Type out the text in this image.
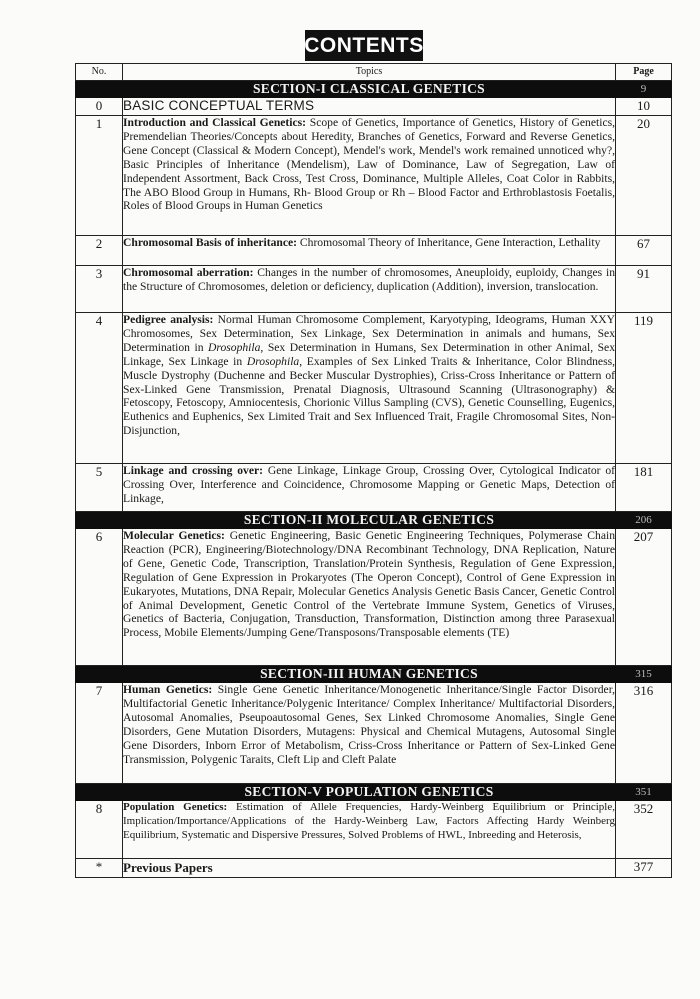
CONTENTS
No.	Topics	Page
	SECTION-I CLASSICAL GENETICS	9
0	BASIC CONCEPTUAL TERMS	10
1	Introduction and Classical Genetics: Scope of Genetics, Importance of Genetics, History of Genetics, Premendelian Theories/Concepts about Heredity, Branches of Genetics, Forward and Reverse Genetics, Gene Concept (Classical & Modern Concept), Mendel's work, Mendel's work remained unnoticed why?, Basic Principles of Inheritance (Mendelism), Law of Dominance, Law of Segregation, Law of Independent Assortment, Back Cross, Test Cross, Dominance, Multiple Alleles, Coat Color in Rabbits, The ABO Blood Group in Humans, Rh- Blood Group or Rh – Blood Factor and Erthroblastosis Foetalis, Roles of Blood Groups in Human Genetics	20
2	Chromosomal Basis of inheritance: Chromosomal Theory of Inheritance, Gene Interaction, Lethality	67
3	Chromosomal aberration: Changes in the number of chromosomes, Aneuploidy, euploidy, Changes in the Structure of Chromosomes, deletion or deficiency, duplication (Addition), inversion, translocation.	91
4	Pedigree analysis: Normal Human Chromosome Complement, Karyotyping, Ideograms, Human XXY Chromosomes, Sex Determination, Sex Linkage, Sex Determination in animals and humans, Sex Determination in Drosophila, Sex Determination in Humans, Sex Determination in other Animal, Sex Linkage, Sex Linkage in Drosophila, Examples of Sex Linked Traits & Inheritance, Color Blindness, Muscle Dystrophy (Duchenne and Becker Muscular Dystrophies), Criss-Cross Inheritance or Pattern of Sex-Linked Gene Transmission, Prenatal Diagnosis, Ultrasound Scanning (Ultrasonography) & Fetoscopy, Fetoscopy, Amniocentesis, Chorionic Villus Sampling (CVS), Genetic Counselling, Eugenics, Euthenics and Euphenics, Sex Limited Trait and Sex Influenced Trait, Fragile Chromosomal Sites, Non-Disjunction,	119
5	Linkage and crossing over: Gene Linkage, Linkage Group, Crossing Over, Cytological Indicator of Crossing Over, Interference and Coincidence, Chromosome Mapping or Genetic Maps, Detection of Linkage,	181
	SECTION-II MOLECULAR GENETICS	206
6	Molecular Genetics: Genetic Engineering, Basic Genetic Engineering Techniques, Polymerase Chain Reaction (PCR), Engineering/Biotechnology/DNA Recombinant Technology, DNA Replication, Nature of Gene, Genetic Code, Transcription, Translation/Protein Synthesis, Regulation of Gene Expression, Regulation of Gene Expression in Prokaryotes (The Operon Concept), Control of Gene Expression in Eukaryotes, Mutations, DNA Repair, Molecular Genetics Analysis Genetic Basis Cancer, Genetic Control of Animal Development, Genetic Control of the Vertebrate Immune System, Genetics of Viruses, Genetics of Bacteria, Conjugation, Transduction, Transformation, Distinction among three Parasexual Process, Mobile Elements/Jumping Gene/Transposons/Transposable elements (TE)	207
	SECTION-III HUMAN GENETICS	315
7	Human Genetics: Single Gene Genetic Inheritance/Monogenetic Inheritance/Single Factor Disorder, Multifactorial Genetic Inheritance/Polygenic Interitance/ Complex Inheritance/ Multifactorial Disorders, Autosomal Anomalies, Pseupoautosomal Genes, Sex Linked Chromosome Anomalies, Single Gene Disorders, Gene Mutation Disorders, Mutagens: Physical and Chemical Mutagens, Autosomal Single Gene Disorders, Inborn Error of Metabolism, Criss-Cross Inheritance or Pattern of Sex-Linked Gene Transmission, Polygenic Taraits, Cleft Lip and Cleft Palate	316
	SECTION-V POPULATION GENETICS	351
8	Population Genetics: Estimation of Allele Frequencies, Hardy-Weinberg Equilibrium or Principle, Implication/Importance/Applications of the Hardy-Weinberg Law, Factors Affecting Hardy Weinberg Equilibrium, Systematic and Dispersive Pressures, Solved Problems of HWL, Inbreeding and Heterosis,	352
*	Previous Papers	377
